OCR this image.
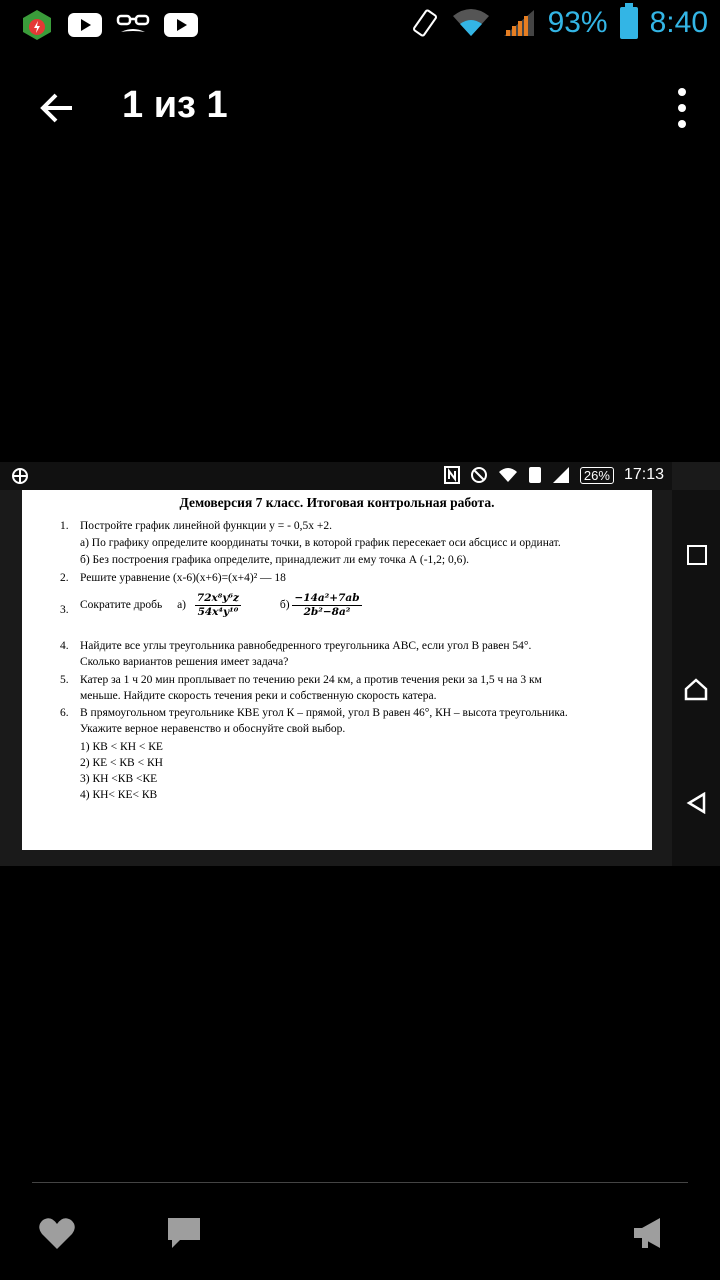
93% 8:40
1 из 1
26% 17:13
Демоверсия 7 класс. Итоговая контрольная работа.
1. Постройте график линейной функции y = - 0,5x +2.
а) По графику определите координаты точки, в которой график пересекает оси абсцисс и ординат.
б) Без построения графика определите, принадлежит ли ему точка А (-1,2; 0,6).
2. Решите уравнение (х-6)(х+6)=(х+4)² — 18
3. Сократите дробь $а) \frac{\text{72x⁸y⁶z}}{\text{54x⁴y¹⁰}}$	$б) \frac{\text{−14a²+7ab}}{\text{2b²−8a²}}$
4. Найдите все углы треугольника равнобедренного треугольника АВС, если угол В равен 54°.
Сколько вариантов решения имеет задача?
5. Катер за 1 ч 20 мин проплывает по течению реки 24 км, а против течения реки за 1,5 ч на 3 км
меньше. Найдите скорость течения реки и собственную скорость катера.
6. В прямоугольном треугольнике КВЕ угол К – прямой, угол В равен 46°, КН – высота треугольника.
Укажите верное неравенство и обоснуйте свой выбор.
1) КВ < КН < КЕ
2) КЕ < КВ < КН
3) КН <КВ <КЕ
4) КН< КЕ< КВ
